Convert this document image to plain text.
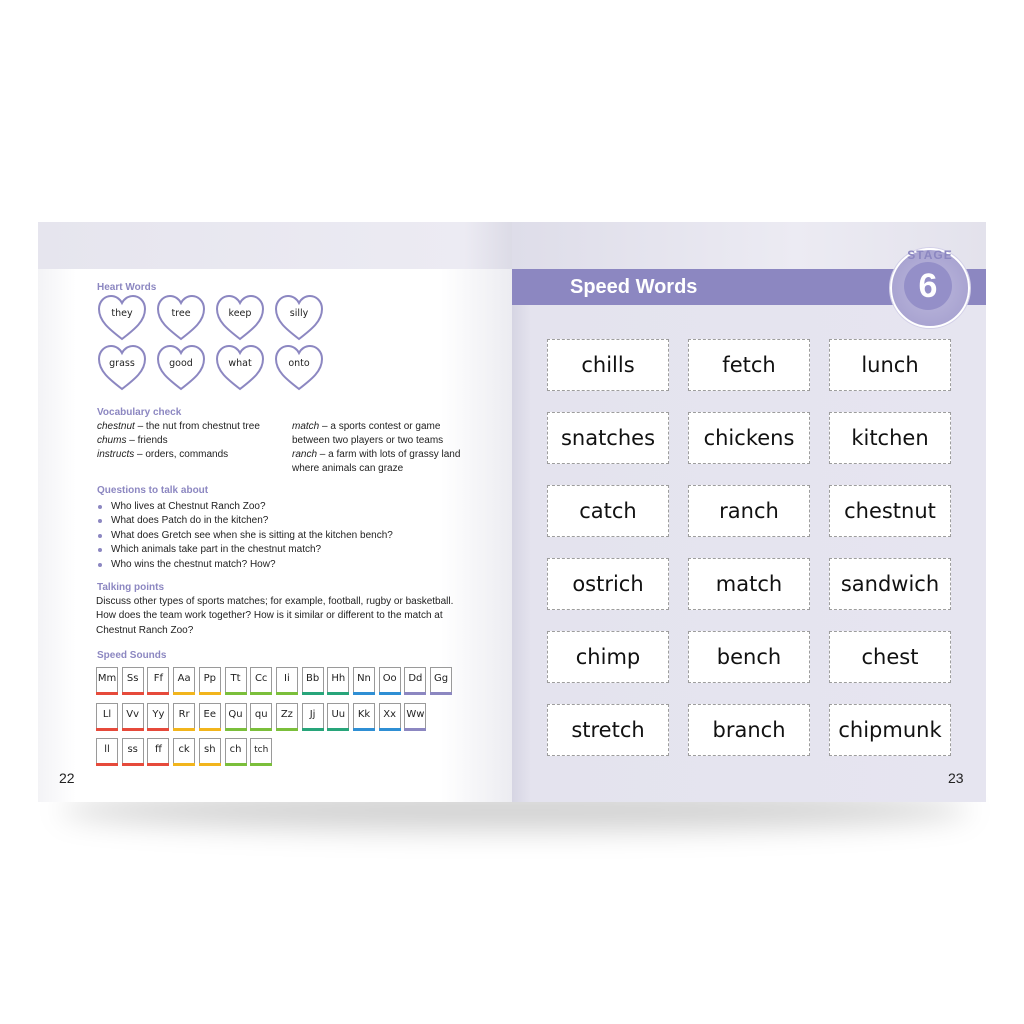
Heart Words
they	tree	keep	silly
grass	good	what	onto
Vocabulary check
chestnut – the nut from chestnut tree
chums – friends
instructs – orders, commands
match – a sports contest or game between two players or two teams
ranch – a farm with lots of grassy land where animals can graze
Questions to talk about
Who lives at Chestnut Ranch Zoo?
What does Patch do in the kitchen?
What does Gretch see when she is sitting at the kitchen bench?
Which animals take part in the chestnut match?
Who wins the chestnut match? How?
Talking points
Discuss other types of sports matches; for example, football, rugby or basketball. How does the team work together? How is it similar or different to the match at Chestnut Ranch Zoo?
Speed Sounds
Mm	Ss	Ff	Aa	Pp	Tt	Cc	Ii	Bb	Hh	Nn	Oo	Dd	Gg
Ll	Vv	Yy	Rr	Ee	Qu	qu	Zz	Jj	Uu	Kk	Xx	Ww
ll	ss	ff	ck	sh	ch	tch
22
Speed Words
STAGE
6
chills	fetch	lunch
snatches	chickens	kitchen
catch	ranch	chestnut
ostrich	match	sandwich
chimp	bench	chest
stretch	branch	chipmunk
23
